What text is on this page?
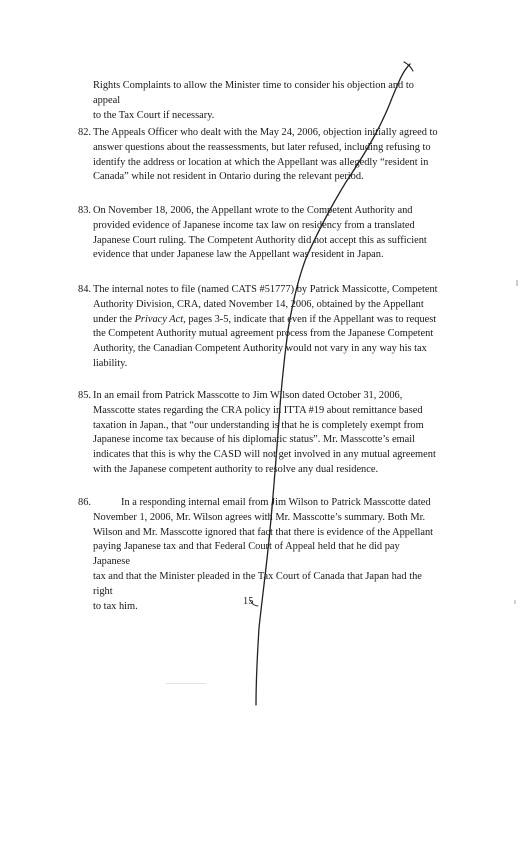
Rights Complaints to allow the Minister time to consider his objection and to appeal
to the Tax Court if necessary.
82. The Appeals Officer who dealt with the May 24, 2006, objection initially agreed to
answer questions about the reassessments, but later refused, including refusing to
identify the address or location at which the Appellant was allegedly “resident in
Canada” while not resident in Ontario during the relevant period.
83. On November 18, 2006, the Appellant wrote to the Competent Authority and
provided evidence of Japanese income tax law on residency from a translated
Japanese Court ruling. The Competent Authority did not accept this as sufficient
evidence that under Japanese law the Appellant was resident in Japan.
84. The internal notes to file (named CATS #51777) by Patrick Massicotte, Competent
Authority Division, CRA, dated November 14, 2006, obtained by the Appellant
under the Privacy Act, pages 3-5, indicate that even if the Appellant was to request
the Competent Authority mutual agreement process from the Japanese Competent
Authority, the Canadian Competent Authority would not vary in any way his tax
liability.
85. In an email from Patrick Masscotte to Jim Wilson dated October 31, 2006,
Masscotte states regarding the CRA policy in ITTA #19 about remittance based
taxation in Japan., that “our understanding is that he is completely exempt from
Japanese income tax because of his diplomatic status”. Mr. Masscotte’s email
indicates that this is why the CASD will not get involved in any mutual agreement
with the Japanese competent authority to resolve any dual residence.
86.	In a responding internal email from Jim Wilson to Patrick Masscotte dated
November 1, 2006, Mr. Wilson agrees with Mr. Masscotte’s summary. Both Mr.
Wilson and Mr. Masscotte ignored that fact that there is evidence of the Appellant
paying Japanese tax and that Federal Court of Appeal held that he did pay Japanese
tax and that the Minister pleaded in the Tax Court of Canada that Japan had the right
to tax him.	15
